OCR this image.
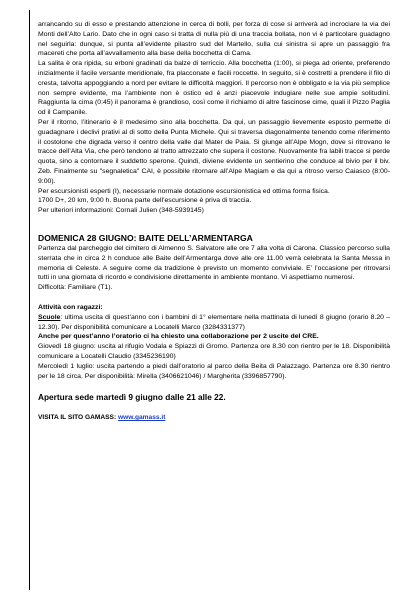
arrancando su di esso e prestando attenzione in cerca di bolli, per forza di cose si arriverà ad incrociare la via dei Monti dell’Alto Lario. Dato che in ogni caso si tratta di nulla più di una traccia bollata, non vi è particolare guadagno nel seguirla: dunque, si punta all’evidente pilastro sud del Martello, sulla cui sinistra si apre un passaggio fra macereti che porta all’avvallamento alla base della bocchetta di Cama.

La salita è ora ripida, su erboni gradinati da balze di terriccio. Alla bocchetta (1:00), si piega ad oriente, preferendo inizialmente il facile versante meridionale, fra placconate e facili roccette. In seguito, si è costretti a prendere il filo di cresta, talvolta appoggiando a nord per evitare le difficoltà maggiori. Il percorso non è obbligato e la via più semplice non sempre evidente, ma l’ambiente non è ostico ed è anzi piacevole indugiare nelle sue ampie solitudini. Raggiunta la cima (0:45) il panorama è grandioso, così come il richiamo di altre fascinose cime, quali il Pizzo Paglia od il Campanile.

Per il ritorno, l’itinerario è il medesimo sino alla bocchetta. Da qui, un passaggio lievemente esposto permette di guadagnare i declivi prativi al di sotto della Punta Michele. Qui si traversa diagonalmente tenendo come riferimento il costolone che digrada verso il centro della valle dal Mater de Paia. Si giunge all’Alpe Mogn, dove si ritrovano le tracce dell’Alta Via, che però tendono al tratto attrezzato che supera il costone. Nuovamente fra labili tracce si perde quota, sino a contornare il suddetto sperone. Quindi, diviene evidente un sentierino che conduce al bivio per il biv. Zeb. Finalmente su "segnaletica" CAI, è possibile ritornare all’Alpe Magiam e da qui a ritroso verso Caiasco (8:00-9:00).

Per escursionisti esperti (I), necessarie normale dotazione escursionistica ed ottima forma fisica.

1700 D+, 20 km, 9:00 h. Buona parte dell’escursione è priva di traccia.

Per ulteriori informazioni: Cornali Julien (348-5939145)

DOMENICA 28 GIUGNO: BAITE DELL’ARMENTARGA

Partenza dal parcheggio del cimitero di Almenno S. Salvatore alle ore 7 alla volta di Carona. Classico percorso sulla sterrata che in circa 2 h conduce alle Baite dell’Armentarga dove alle ore 11.00 verrà celebrata la Santa Messa in memoria di Celeste. A seguire come da tradizione è previsto un momento conviviale. E’ l’occasione per ritrovarsi tutti in una giornata di ricordo e condivisione direttamente in ambiente montano. Vi aspettiamo numerosi.

Difficoltà: Familiare (T1).

Attività con ragazzi:

Scuole: ultima uscita di quest’anno con i bambini di 1° elementare nella mattinata di lunedì 8 giugno (orario 8.20 – 12.30). Per disponibilità comunicare a Locatelli Marco (3284331377)

Anche per quest’anno l’oratorio ci ha chiesto una collaborazione per 2 uscite del CRE.

Giovedì 18 giugno: uscita al rifugio Vodala e Spiazzi di Gromo. Partenza ore 8.30 con rientro per le 18. Disponibilità comunicare a Locatelli Claudio (3345236190)

Mercoledì 1 luglio: uscita partendo a piedi dall’oratorio al parco della Beita di Palazzago. Partenza ore 8.30 rientro per le 18 circa. Per disponibilità: Mirella (3406621046) / Margherita (3396857790).

Apertura sede martedì 9 giugno dalle 21 alle 22.

VISITA IL SITO GAMASS: www.gamass.it
